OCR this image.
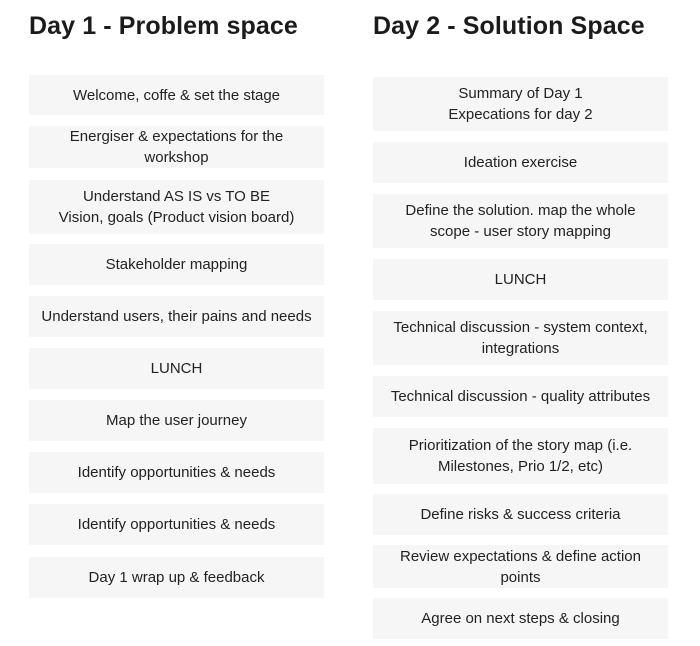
Day 1 - Problem space
Welcome, coffe & set the stage
Energiser & expectations for the
workshop
Understand AS IS vs TO BE
Vision, goals (Product vision board)
Stakeholder mapping
Understand users, their pains and needs
LUNCH
Map the user journey
Identify opportunities & needs
Identify opportunities & needs
Day 1 wrap up & feedback
Day 2 - Solution Space
Summary of Day 1
Expecations for day 2
Ideation exercise
Define the solution. map the whole
scope - user story mapping
LUNCH
Technical discussion - system context,
integrations
Technical discussion - quality attributes
Prioritization of the story map (i.e.
Milestones, Prio 1/2, etc)
Define risks & success criteria
Review expectations & define action
points
Agree on next steps & closing
